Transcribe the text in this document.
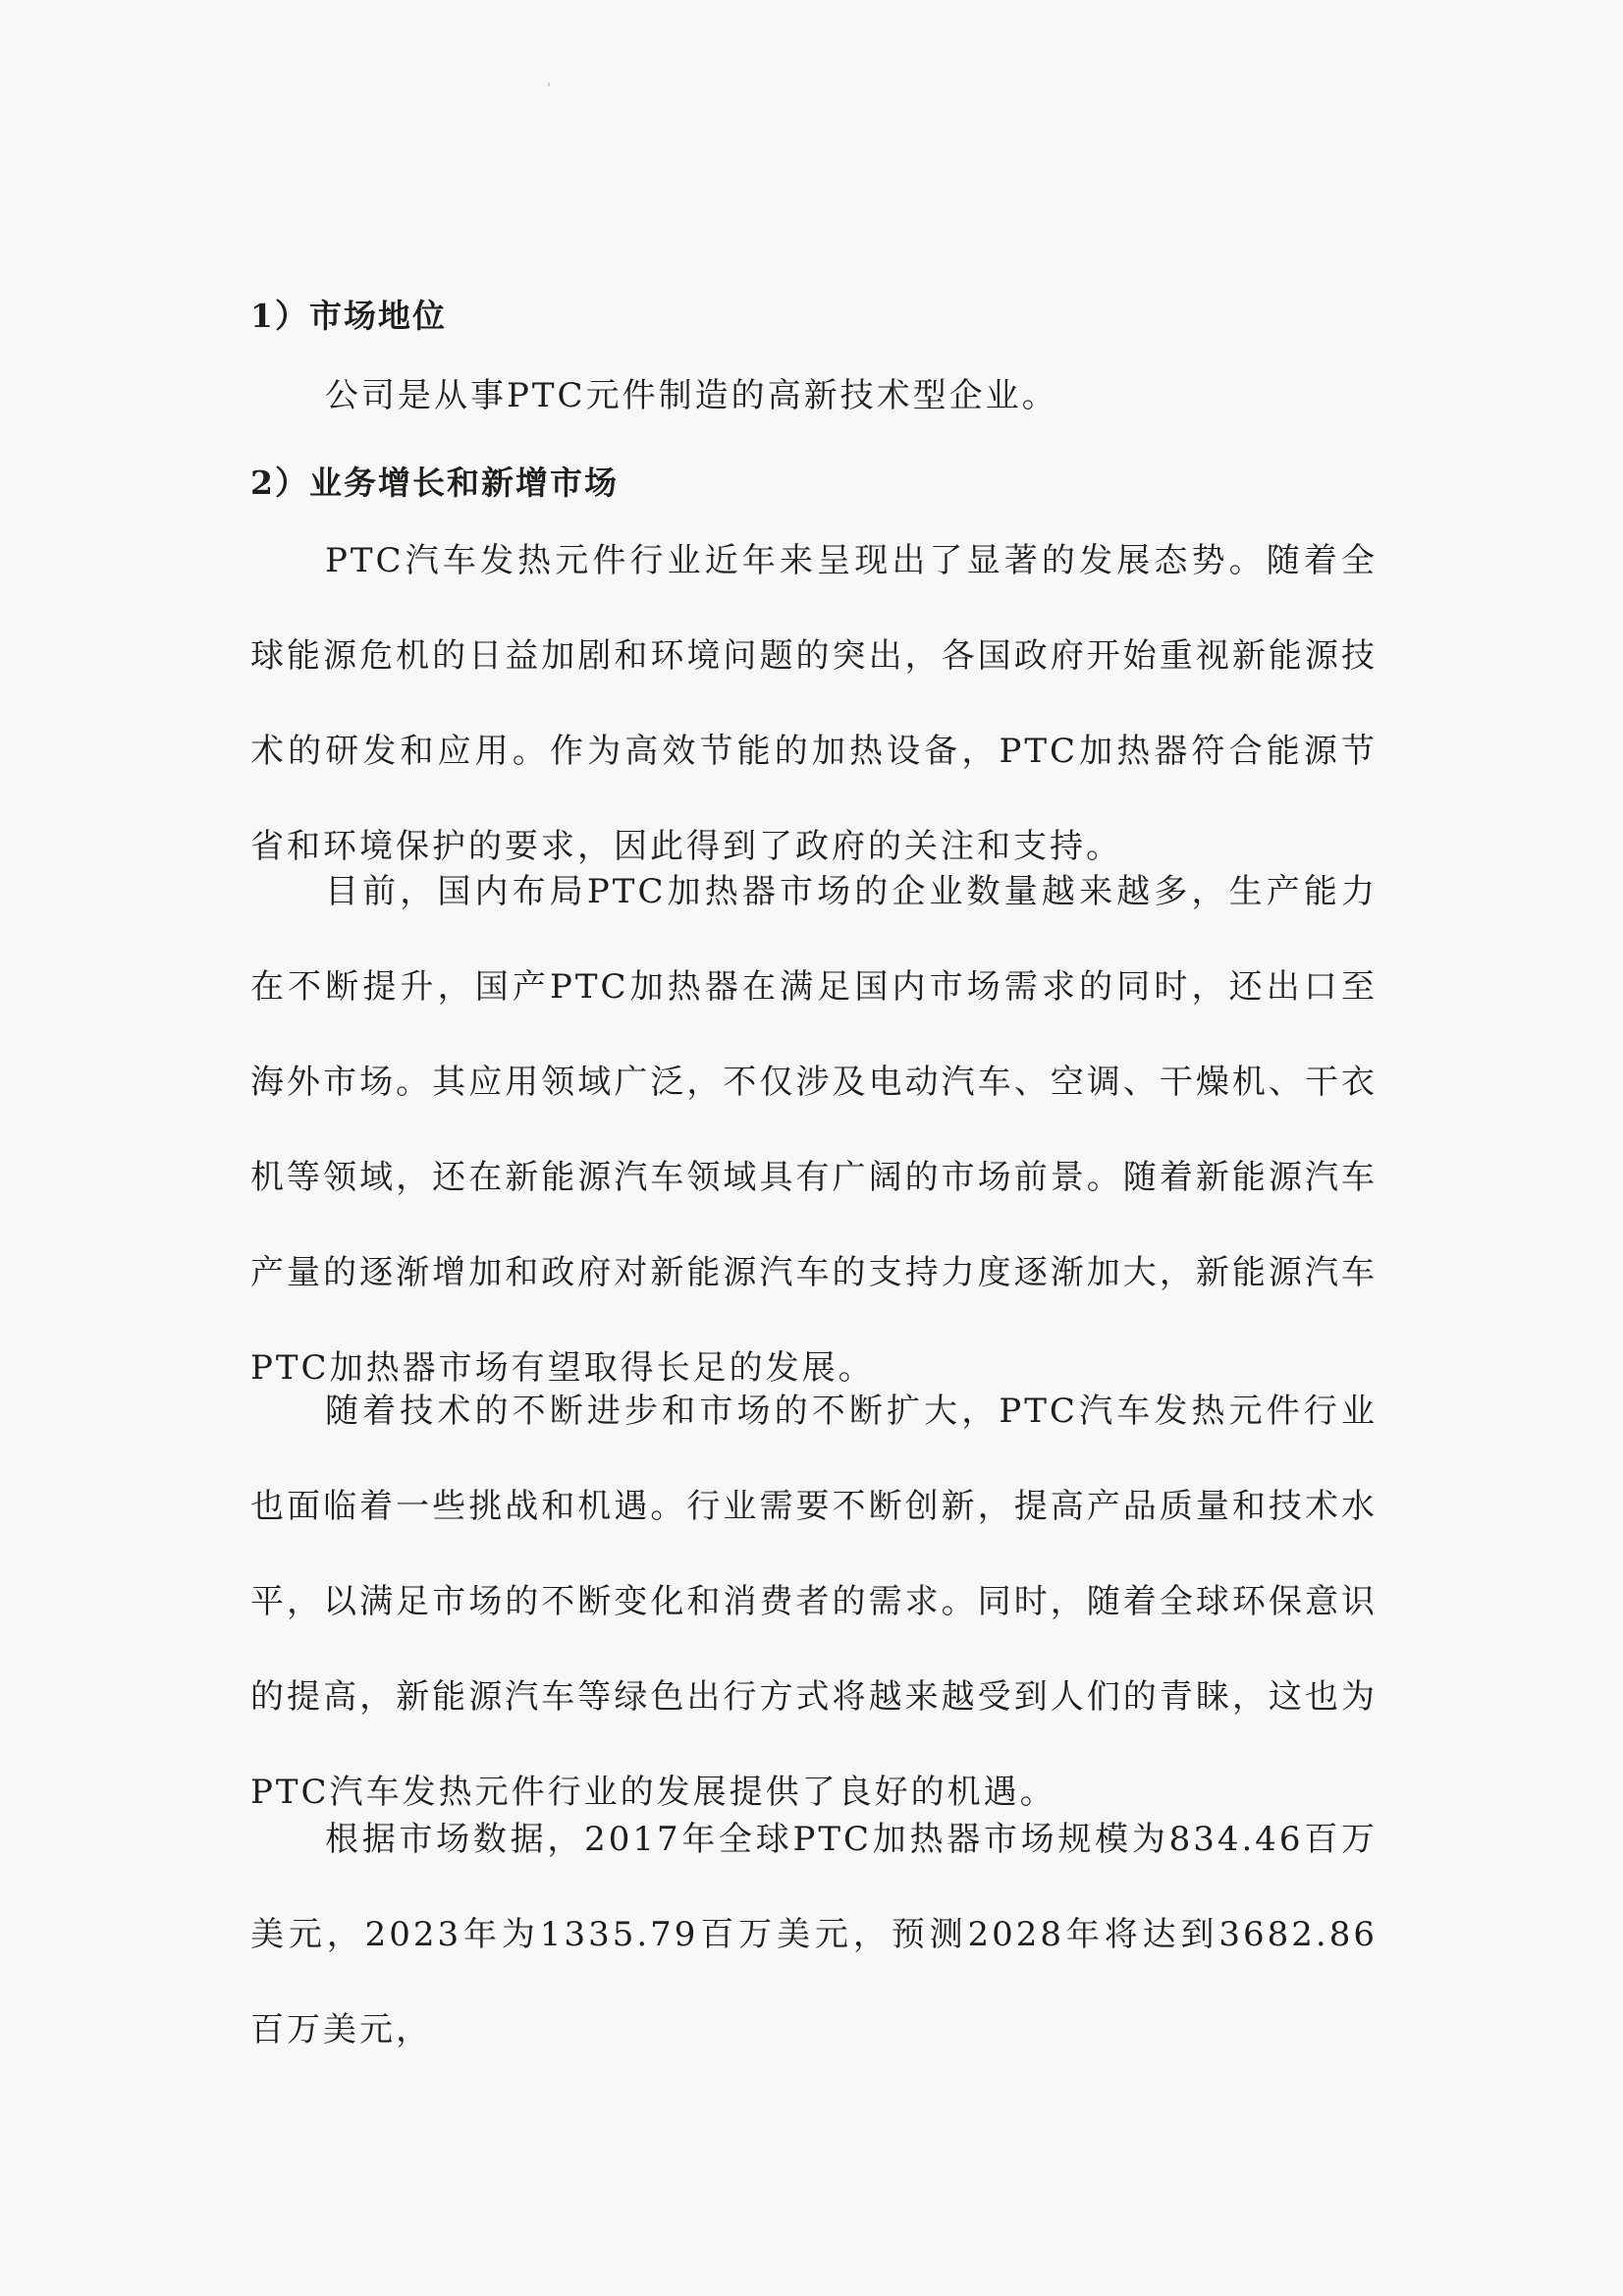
1）市场地位
公司是从事PTC元件制造的高新技术型企业。
2）业务增长和新增市场

PTC汽车发热元件行业近年来呈现出了显著的发展态势。随着全球能源危机的日益加剧和环境问题的突出，各国政府开始重视新能源技术的研发和应用。作为高效节能的加热设备，PTC加热器符合能源节省和环境保护的要求，因此得到了政府的关注和支持。

目前，国内布局PTC加热器市场的企业数量越来越多，生产能力在不断提升，国产PTC加热器在满足国内市场需求的同时，还出口至海外市场。其应用领域广泛，不仅涉及电动汽车、空调、干燥机、干衣机等领域，还在新能源汽车领域具有广阔的市场前景。随着新能源汽车产量的逐渐增加和政府对新能源汽车的支持力度逐渐加大，新能源汽车PTC加热器市场有望取得长足的发展。

随着技术的不断进步和市场的不断扩大，PTC汽车发热元件行业也面临着一些挑战和机遇。行业需要不断创新，提高产品质量和技术水平，以满足市场的不断变化和消费者的需求。同时，随着全球环保意识的提高，新能源汽车等绿色出行方式将越来越受到人们的青睐，这也为PTC汽车发热元件行业的发展提供了良好的机遇。

根据市场数据，2017年全球PTC加热器市场规模为834.46百万美元，2023年为1335.79百万美元，预测2028年将达到3682.86百万美元，
